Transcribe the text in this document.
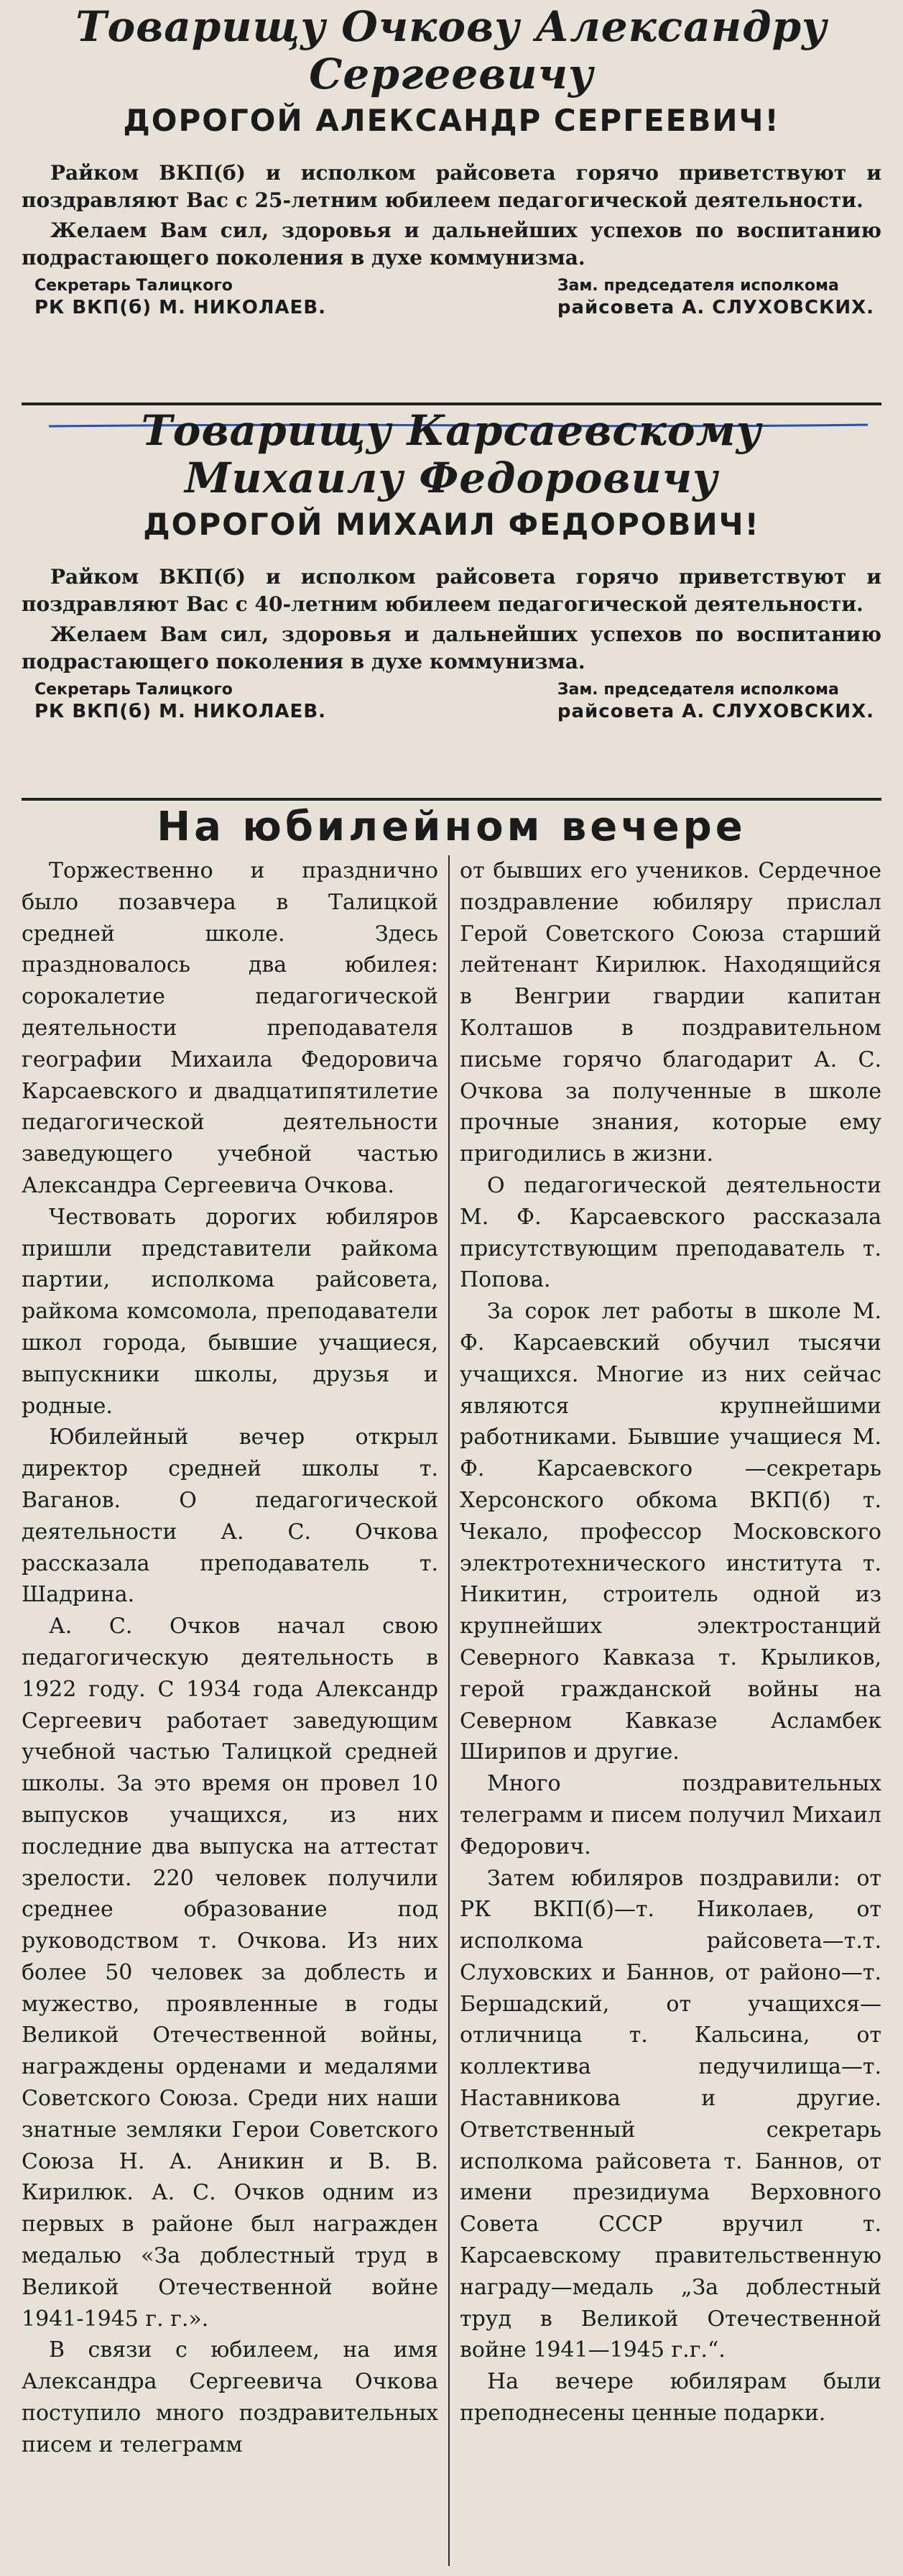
Товарищу Очкову Александру
Сергеевичу
ДОРОГОЙ АЛЕКСАНДР СЕРГЕЕВИЧ!

Райком ВКП(б) и исполком райсовета горячо приветствуют и поздравляют Вас с 25-летним юбилеем педагогической деятельности.

Желаем Вам сил, здоровья и дальнейших успехов по воспитанию подрастающего поколения в духе коммунизма.

Секретарь Талицкого
РК ВКП(б) М. НИКОЛАЕВ.
Зам. председателя исполкома
райсовета А. СЛУХОВСКИХ.
Товарищу Карсаевскому
Михаилу Федоровичу
ДОРОГОЙ МИХАИЛ ФЕДОРОВИЧ!

Райком ВКП(б) и исполком райсовета горячо приветствуют и поздравляют Вас с 40-летним юбилеем педагогической деятельности.

Желаем Вам сил, здоровья и дальнейших успехов по воспитанию подрастающего поколения в духе коммунизма.

Секретарь Талицкого
РК ВКП(б) М. НИКОЛАЕВ.
Зам. председателя исполкома
райсовета А. СЛУХОВСКИХ.
На юбилейном вечере

Торжественно и празднично было позавчера в Талицкой средней школе. Здесь праздновалось два юбилея: сорокалетие педагогической деятельности преподавателя географии Михаила Федоровича Карсаевского и двадцатипятилетие педагогической деятельности заведующего учебной частью Александра Сергеевича Очкова.

Чествовать дорогих юбиляров пришли представители райкома партии, исполкома райсовета, райкома комсомола, преподаватели школ города, бывшие учащиеся, выпускники школы, друзья и родные.

Юбилейный вечер открыл директор средней школы т. Ваганов. О педагогической деятельности А. С. Очкова рассказала преподаватель т. Шадрина.

А. С. Очков начал свою педагогическую деятельность в 1922 году. С 1934 года Александр Сергеевич работает заведующим учебной частью Талицкой средней школы. За это время он провел 10 выпусков учащихся, из них последние два выпуска на аттестат зрелости. 220 человек получили среднее образование под руководством т. Очкова. Из них более 50 человек за доблесть и мужество, проявленные в годы Великой Отечественной войны, награждены орденами и медалями Советского Союза. Среди них наши знатные земляки Герои Советского Союза Н. А. Аникин и В. В. Кирилюк. А. С. Очков одним из первых в районе был награжден медалью «За доблестный труд в Великой Отечественной войне 1941-1945 г. г.».

В связи с юбилеем, на имя Александра Сергеевича Очкова поступило много поздравительных писем и телеграмм

от бывших его учеников. Сердечное поздравление юбиляру прислал Герой Советского Союза старший лейтенант Кирилюк. Находящийся в Венгрии гвардии капитан Колташов в поздравительном письме горячо благодарит А. С. Очкова за полученные в школе прочные знания, которые ему пригодились в жизни.

О педагогической деятельности М. Ф. Карсаевского рассказала присутствующим преподаватель т. Попова.

За сорок лет работы в школе М. Ф. Карсаевский обучил тысячи учащихся. Многие из них сейчас являются крупнейшими работниками. Бывшие учащиеся М. Ф. Карсаевского —секретарь Херсонского обкома ВКП(б) т. Чекало, профессор Московского электротехнического института т. Никитин, строитель одной из крупнейших электростанций Северного Кавказа т. Крыликов, герой гражданской войны на Северном Кавказе Асламбек Ширипов и другие.

Много поздравительных телеграмм и писем получил Михаил Федорович.

Затем юбиляров поздравили: от РК ВКП(б)—т. Николаев, от исполкома райсовета—т.т. Слуховских и Баннов, от районо—т. Бершадский, от учащихся—отличница т. Кальсина, от коллектива педучилища—т. Наставникова и другие. Ответственный секретарь исполкома райсовета т. Баннов, от имени президиума Верховного Совета СССР вручил т. Карсаевскому правительственную награду—медаль „За доблестный труд в Великой Отечественной войне 1941—1945 г.г.“.

На вечере юбилярам были преподнесены ценные подарки.
